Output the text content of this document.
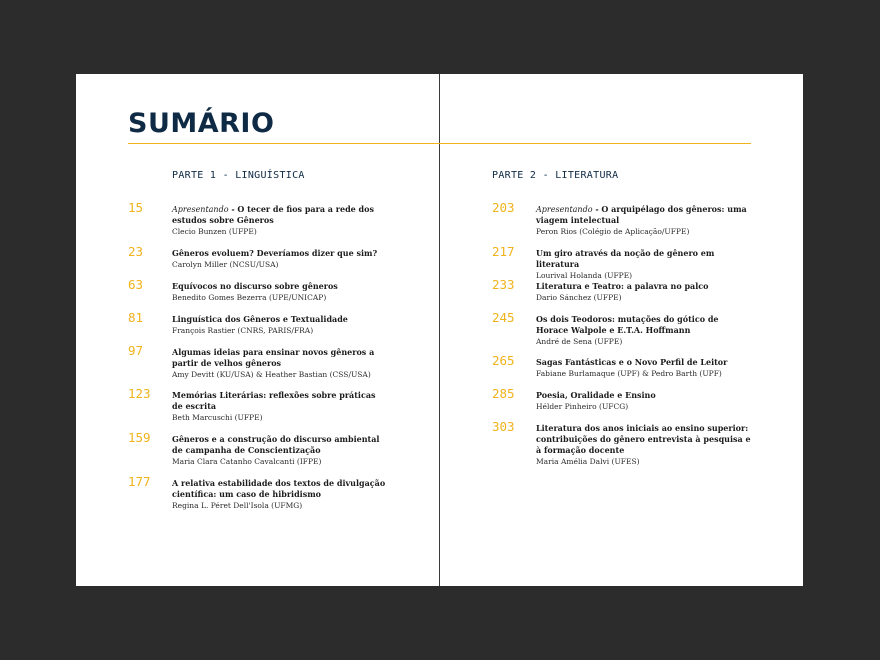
SUMÁRIO
PARTE 1 - LINGUÍSTICA	PARTE 2 - LITERATURA
15	Apresentando - O tecer de fios para a rede dos estudos sobre Gêneros
Clecio Bunzen (UFPE)
23	Gêneros evoluem? Deveríamos dizer que sim?
Carolyn Miller (NCSU/USA)
63	Equívocos no discurso sobre gêneros
Benedito Gomes Bezerra (UPE/UNICAP)
81	Linguística dos Gêneros e Textualidade
François Rastier (CNRS, PARIS/FRA)
97	Algumas ideias para ensinar novos gêneros a partir de velhos gêneros
Amy Devitt (KU/USA) & Heather Bastian (CSS/USA)
123	Memórias Literárias: reflexões sobre práticas de escrita
Beth Marcuschi (UFPE)
159	Gêneros e a construção do discurso ambiental de campanha de Conscientização
Maria Clara Catanho Cavalcanti (IFPE)
177	A relativa estabilidade dos textos de divulgação científica: um caso de hibridismo
Regina L. Péret Dell'Isola (UFMG)
203	Apresentando - O arquipélago dos gêneros: uma viagem intelectual
Peron Rios (Colégio de Aplicação/UFPE)
217	Um giro através da noção de gênero em literatura
Lourival Holanda (UFPE)
233	Literatura e Teatro: a palavra no palco
Dario Sánchez (UFPE)
245	Os dois Teodoros: mutações do gótico de Horace Walpole e E.T.A. Hoffmann
André de Sena (UFPE)
265	Sagas Fantásticas e o Novo Perfil de Leitor
Fabiane Burlamaque (UPF) & Pedro Barth (UPF)
285	Poesia, Oralidade e Ensino
Hélder Pinheiro (UFCG)
303	Literatura dos anos iniciais ao ensino superior: contribuições do gênero entrevista à pesquisa e à formação docente
Maria Amélia Dalvi (UFES)
